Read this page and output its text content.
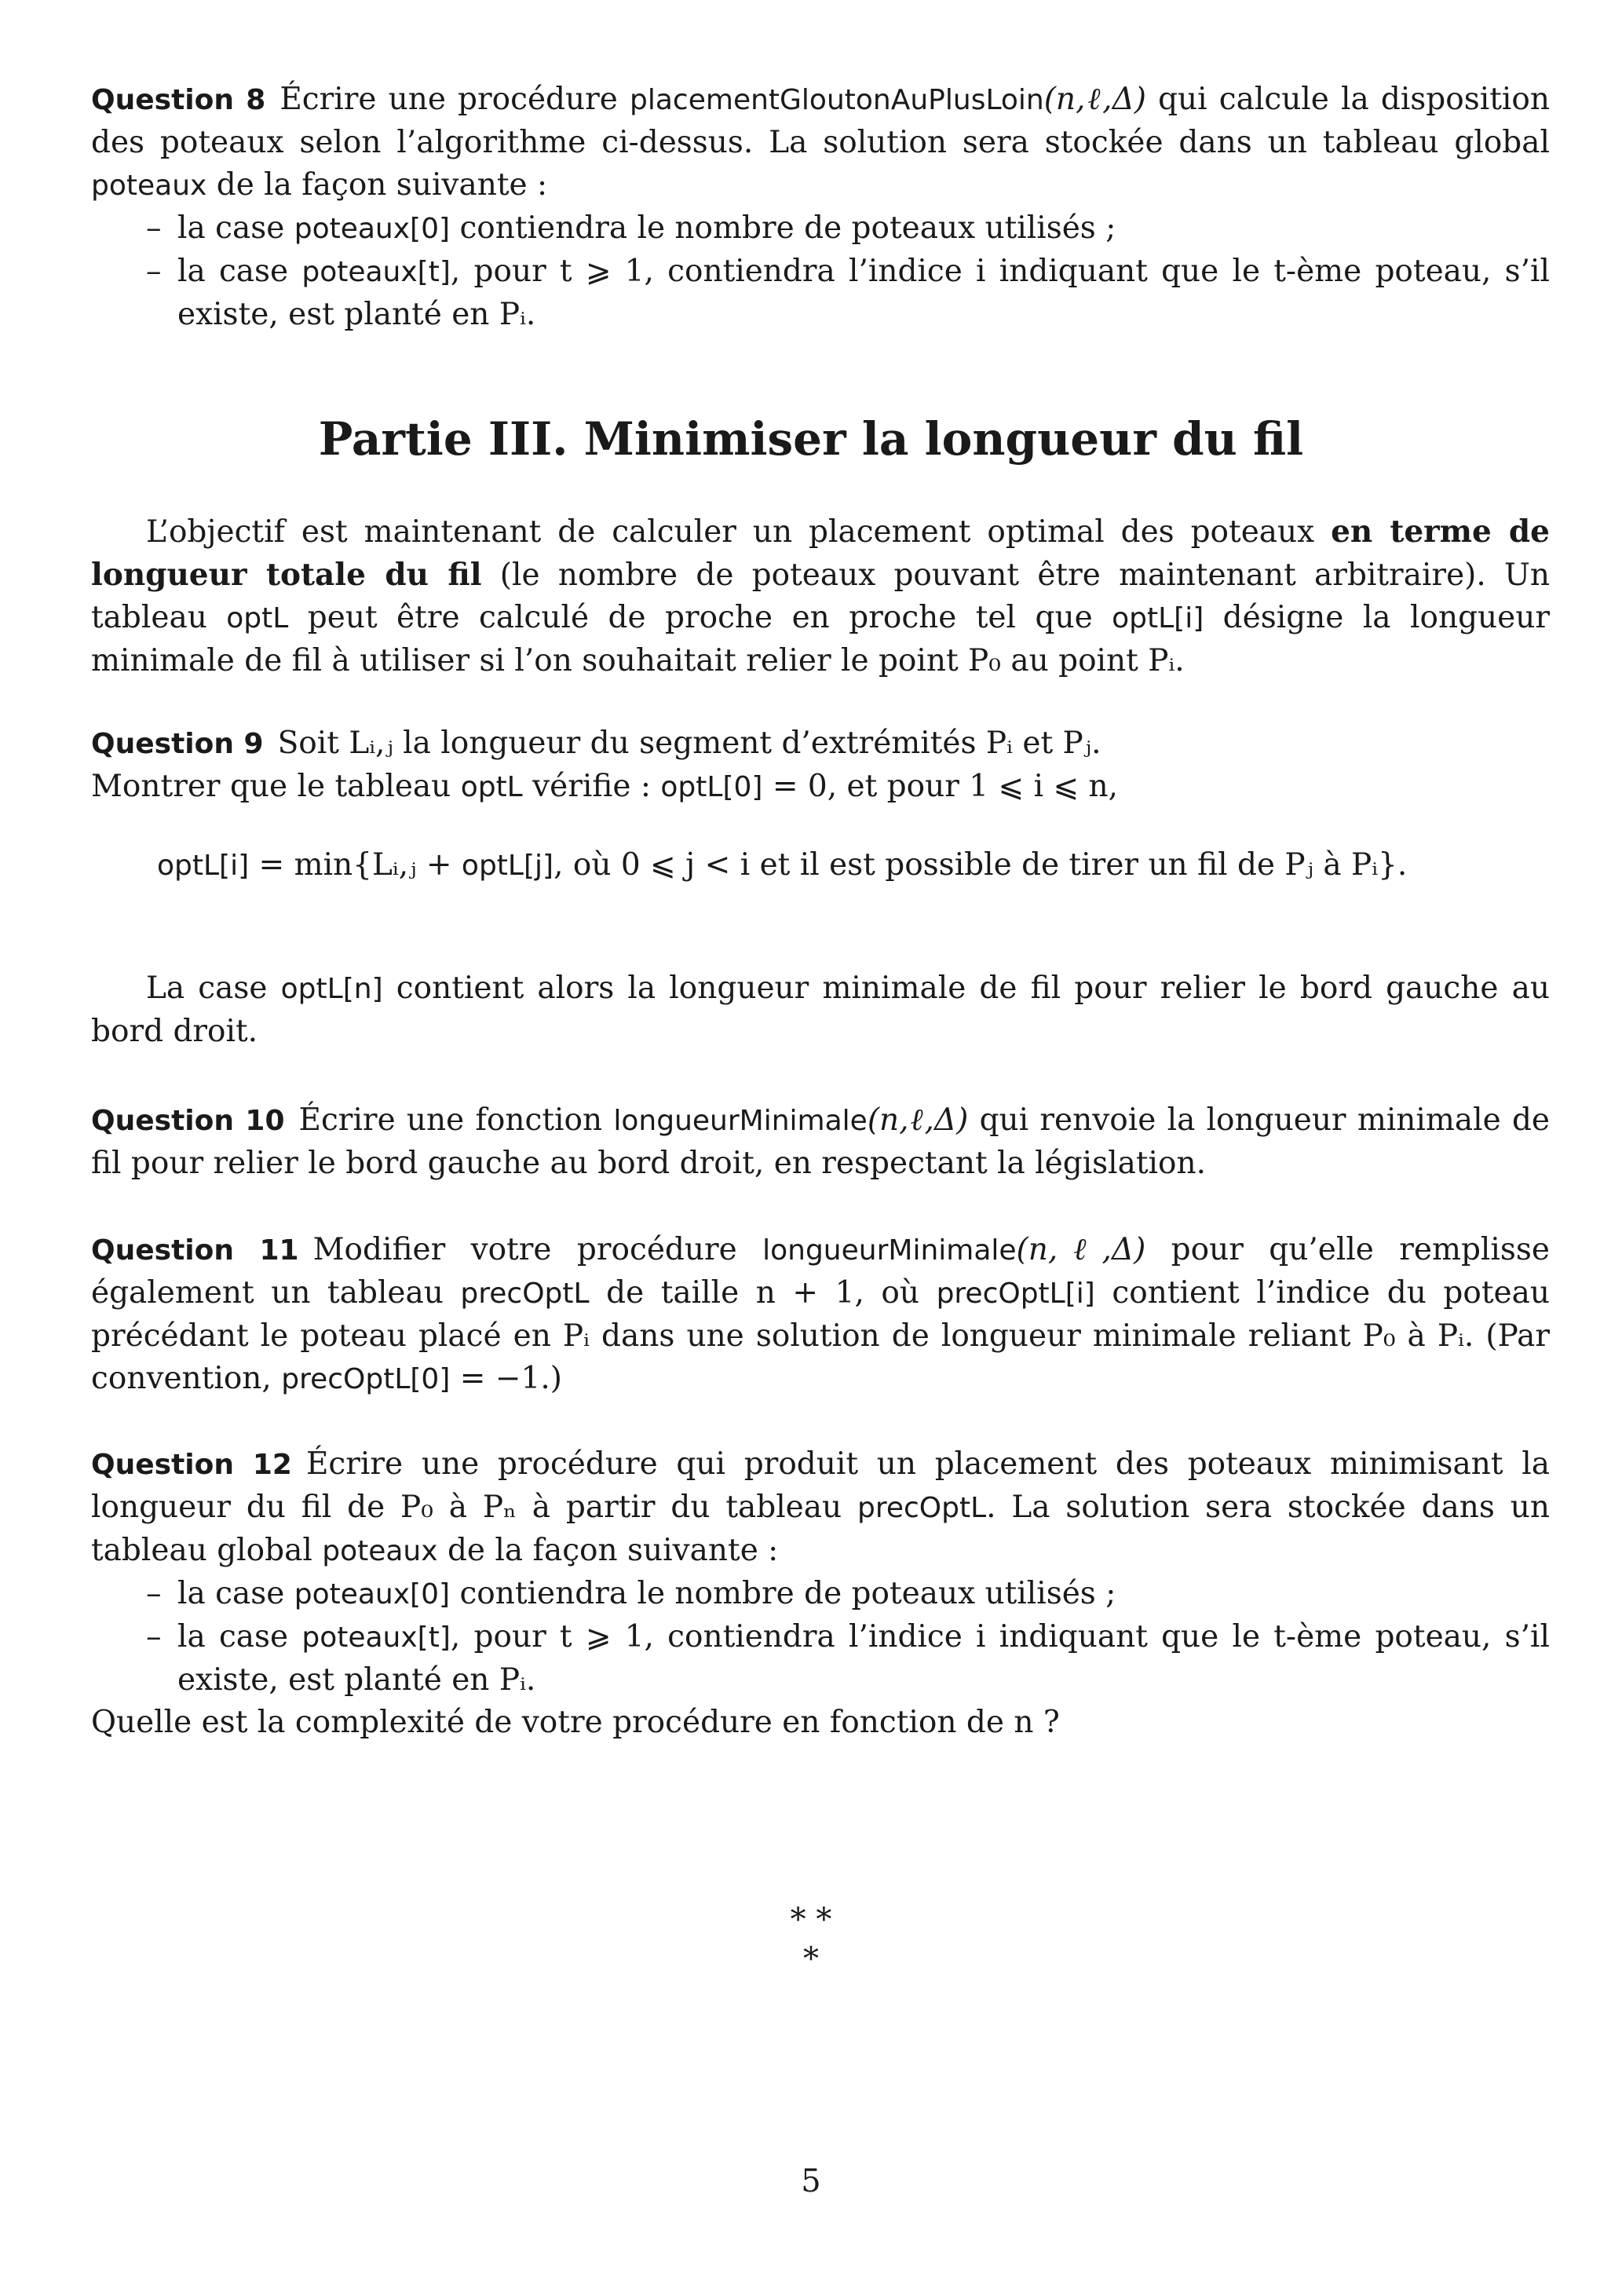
Question 8 Écrire une procédure placementGloutonAuPlusLoin(n,ℓ,Δ) qui calcule la disposition des poteaux selon l’algorithme ci-dessus. La solution sera stockée dans un tableau global poteaux de la façon suivante :

– la case poteaux[0] contiendra le nombre de poteaux utilisés ;
– la case poteaux[t], pour t ⩾ 1, contiendra l’indice i indiquant que le t-ème poteau, s’il existe, est planté en Pᵢ.
Partie III. Minimiser la longueur du fil

L’objectif est maintenant de calculer un placement optimal des poteaux en terme de longueur totale du fil (le nombre de poteaux pouvant être maintenant arbitraire). Un tableau optL peut être calculé de proche en proche tel que optL[i] désigne la longueur minimale de fil à utiliser si l’on souhaitait relier le point P₀ au point Pᵢ.

Question 9 Soit Lᵢ,ⱼ la longueur du segment d’extrémités Pᵢ et Pⱼ.

Montrer que le tableau optL vérifie : optL[0] = 0, et pour 1 ⩽ i ⩽ n,

optL[i] = min{Lᵢ,ⱼ + optL[j], où 0 ⩽ j < i et il est possible de tirer un fil de Pⱼ à Pᵢ}.

La case optL[n] contient alors la longueur minimale de fil pour relier le bord gauche au bord droit.

Question 10 Écrire une fonction longueurMinimale(n,ℓ,Δ) qui renvoie la longueur minimale de fil pour relier le bord gauche au bord droit, en respectant la législation.

Question 11 Modifier votre procédure longueurMinimale(n,ℓ,Δ) pour qu’elle remplisse également un tableau precOptL de taille n + 1, où precOptL[i] contient l’indice du poteau précédant le poteau placé en Pᵢ dans une solution de longueur minimale reliant P₀ à Pᵢ. (Par convention, precOptL[0] = −1.)

Question 12 Écrire une procédure qui produit un placement des poteaux minimisant la longueur du fil de P₀ à Pₙ à partir du tableau precOptL. La solution sera stockée dans un tableau global poteaux de la façon suivante :

– la case poteaux[0] contiendra le nombre de poteaux utilisés ;
– la case poteaux[t], pour t ⩾ 1, contiendra l’indice i indiquant que le t-ème poteau, s’il existe, est planté en Pᵢ.

Quelle est la complexité de votre procédure en fonction de n ?

* *
*
5
